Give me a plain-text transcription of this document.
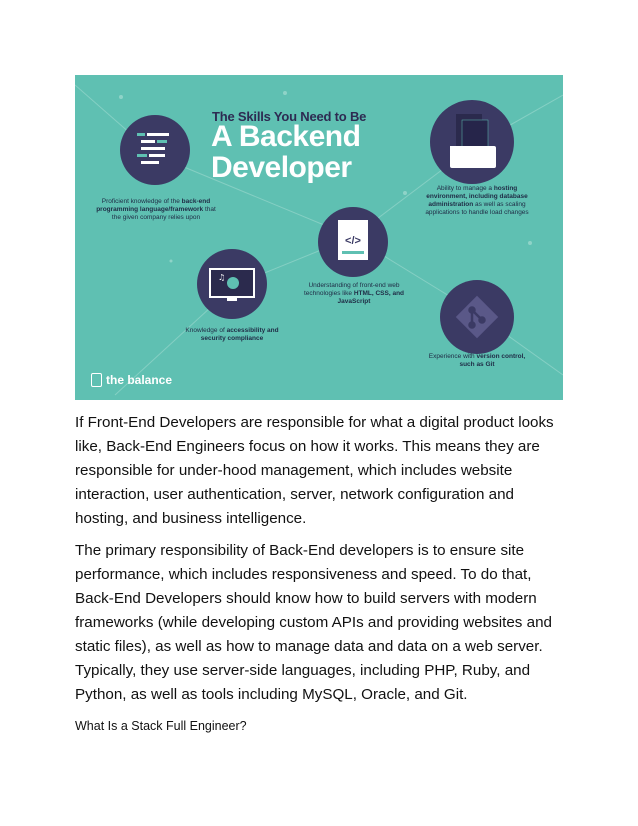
Proficient knowledge of the back-end programming language/framework that the given company relies upon
The Skills You Need to Be
A Backend
Developer
Ability to manage a hosting environment, including database administration as well as scaling applications to handle load changes
</>
Understanding of front-end web technologies like HTML, CSS, and JavaScript
♫
Knowledge of accessibility and security compliance
Experience with version control, such as Git
the balance

If Front-End Developers are responsible for what a digital product looks like, Back-End Engineers focus on how it works. This means they are responsible for under-hood management, which includes website interaction, user authentication, server, network configuration and hosting, and business intelligence.

The primary responsibility of Back-End developers is to ensure site performance, which includes responsiveness and speed. To do that, Back-End Developers should know how to build servers with modern frameworks (while developing custom APIs and providing websites and static files), as well as how to manage data and data on a web server. Typically, they use server-side languages, including PHP, Ruby, and Python, as well as tools including MySQL, Oracle, and Git.

What Is a Stack Full Engineer?
